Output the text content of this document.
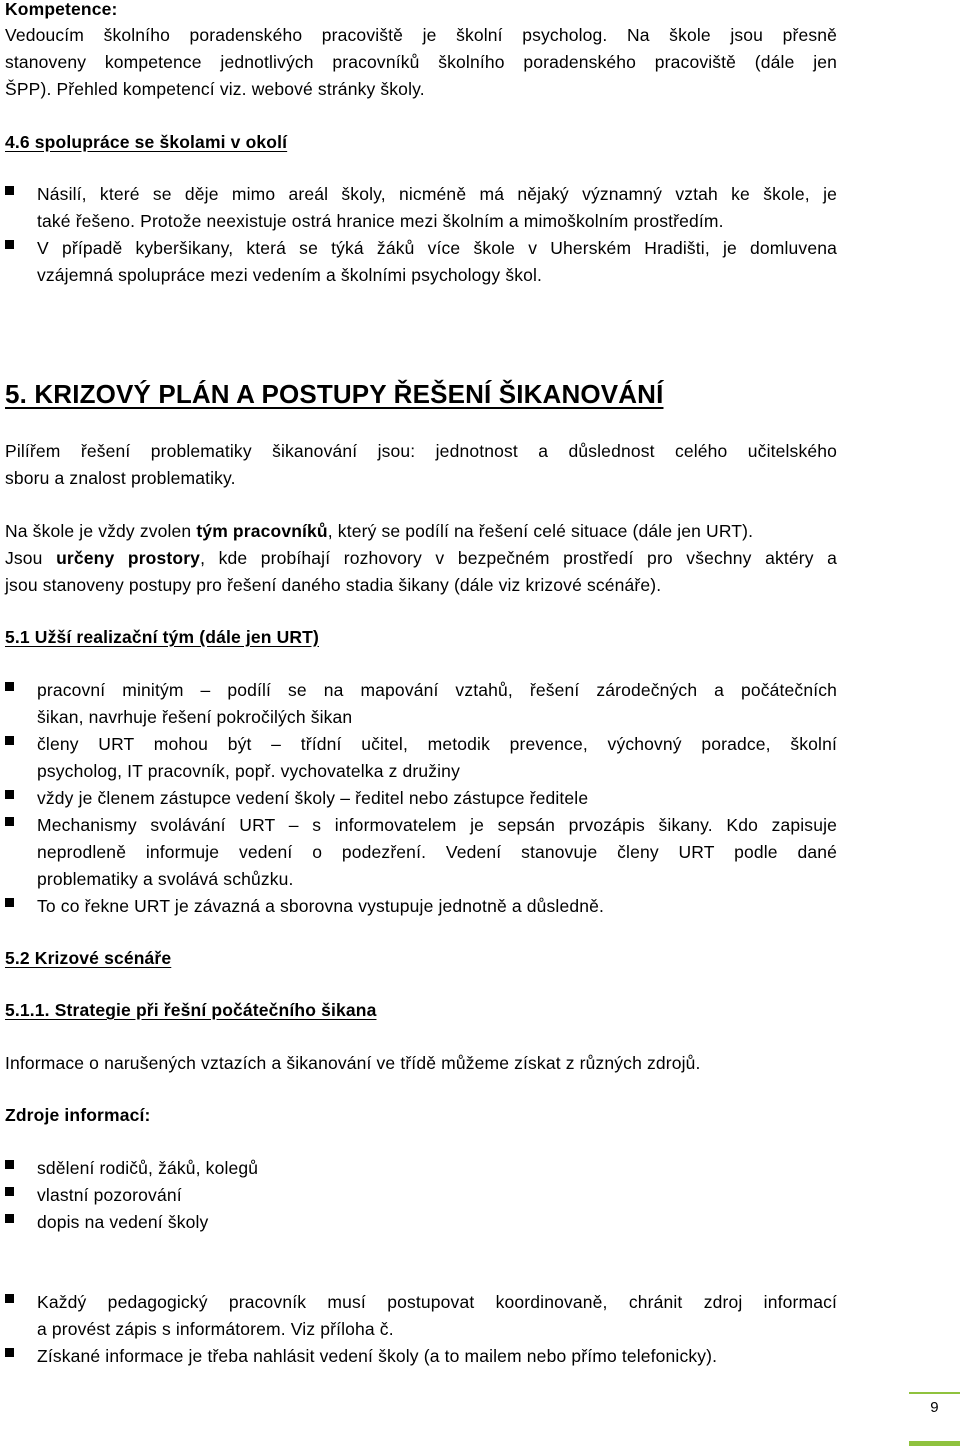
Kompetence:
Vedoucím školního poradenského pracoviště je školní psycholog. Na škole jsou přesně
stanoveny kompetence jednotlivých pracovníků školního poradenského pracoviště (dále jen
ŠPP). Přehled kompetencí viz. webové stránky školy.
4.6 spolupráce se školami v okolí
Násilí, které se děje mimo areál školy, nicméně má nějaký významný vztah ke škole, je
také řešeno. Protože neexistuje ostrá hranice mezi školním a mimoškolním prostředím.
V případě kyberšikany, která se týká žáků více škole v Uherském Hradišti, je domluvena
vzájemná spolupráce mezi vedením a školními psychology škol.
5. KRIZOVÝ PLÁN A POSTUPY ŘEŠENÍ ŠIKANOVÁNÍ
Pilířem řešení problematiky šikanování jsou: jednotnost a důslednost celého učitelského
sboru a znalost problematiky.
Na škole je vždy zvolen tým pracovníků, který se podílí na řešení celé situace (dále jen URT).
Jsou určeny prostory, kde probíhají rozhovory v bezpečném prostředí pro všechny aktéry a
jsou stanoveny postupy pro řešení daného stadia šikany (dále viz krizové scénáře).
5.1 Užší realizační tým (dále jen URT)
pracovní minitým – podílí se na mapování vztahů, řešení zárodečných a počátečních
šikan, navrhuje řešení pokročilých šikan
členy URT mohou být – třídní učitel, metodik prevence, výchovný poradce, školní
psycholog, IT pracovník, popř. vychovatelka z družiny
vždy je členem zástupce vedení školy – ředitel nebo zástupce ředitele
Mechanismy svolávání URT – s informovatelem je sepsán prvozápis šikany. Kdo zapisuje
neprodleně informuje vedení o podezření. Vedení stanovuje členy URT podle dané
problematiky a svolává schůzku.
To co řekne URT je závazná a sborovna vystupuje jednotně a důsledně.
5.2 Krizové scénáře
5.1.1. Strategie při řešní počátečního šikana
Informace o narušených vztazích a šikanování ve třídě můžeme získat z různých zdrojů.
Zdroje informací:
sdělení rodičů, žáků, kolegů
vlastní pozorování
dopis na vedení školy
Každý pedagogický pracovník musí postupovat koordinovaně, chránit zdroj informací
a provést zápis s informátorem. Viz příloha č.
Získané informace je třeba nahlásit vedení školy (a to mailem nebo přímo telefonicky).
9
